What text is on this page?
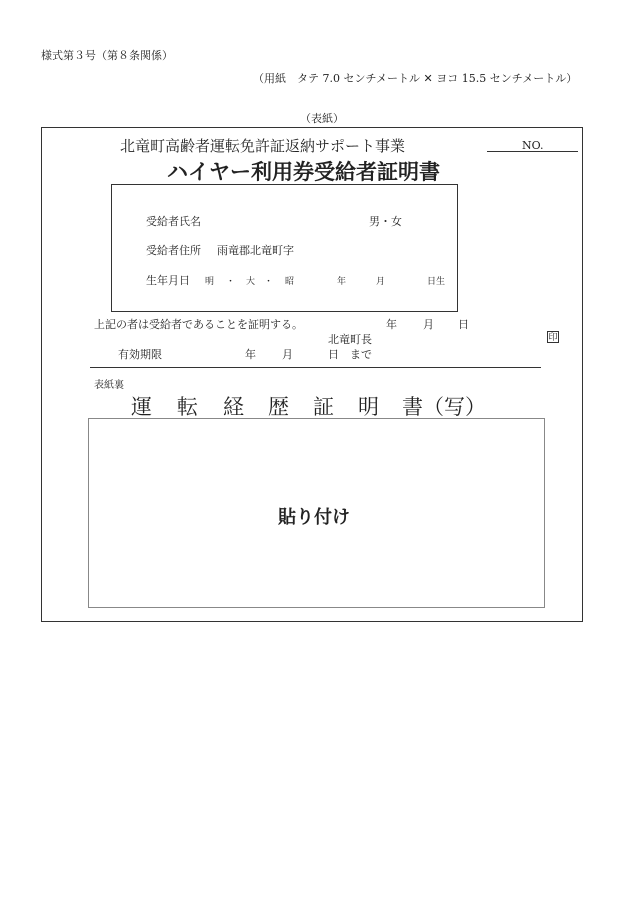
様式第３号（第８条関係）
（用紙　タテ 7.0 センチメートル ✕ ヨコ 15.5 センチメートル）
（表紙）
北竜町高齢者運転免許証返納サポート事業	NO.
ハイヤー利用券受給者証明書
受給者氏名	男・女
受給者住所 雨竜郡北竜町字
生年月日 明 ・ 大 ・ 昭	年	月	日生
上記の者は受給者であることを証明する。	年 月 日
北竜町長	印
有効期限	年 月	日 まで
表紙裏
運 転 経 歴 証 明 書（写）
貼り付け
